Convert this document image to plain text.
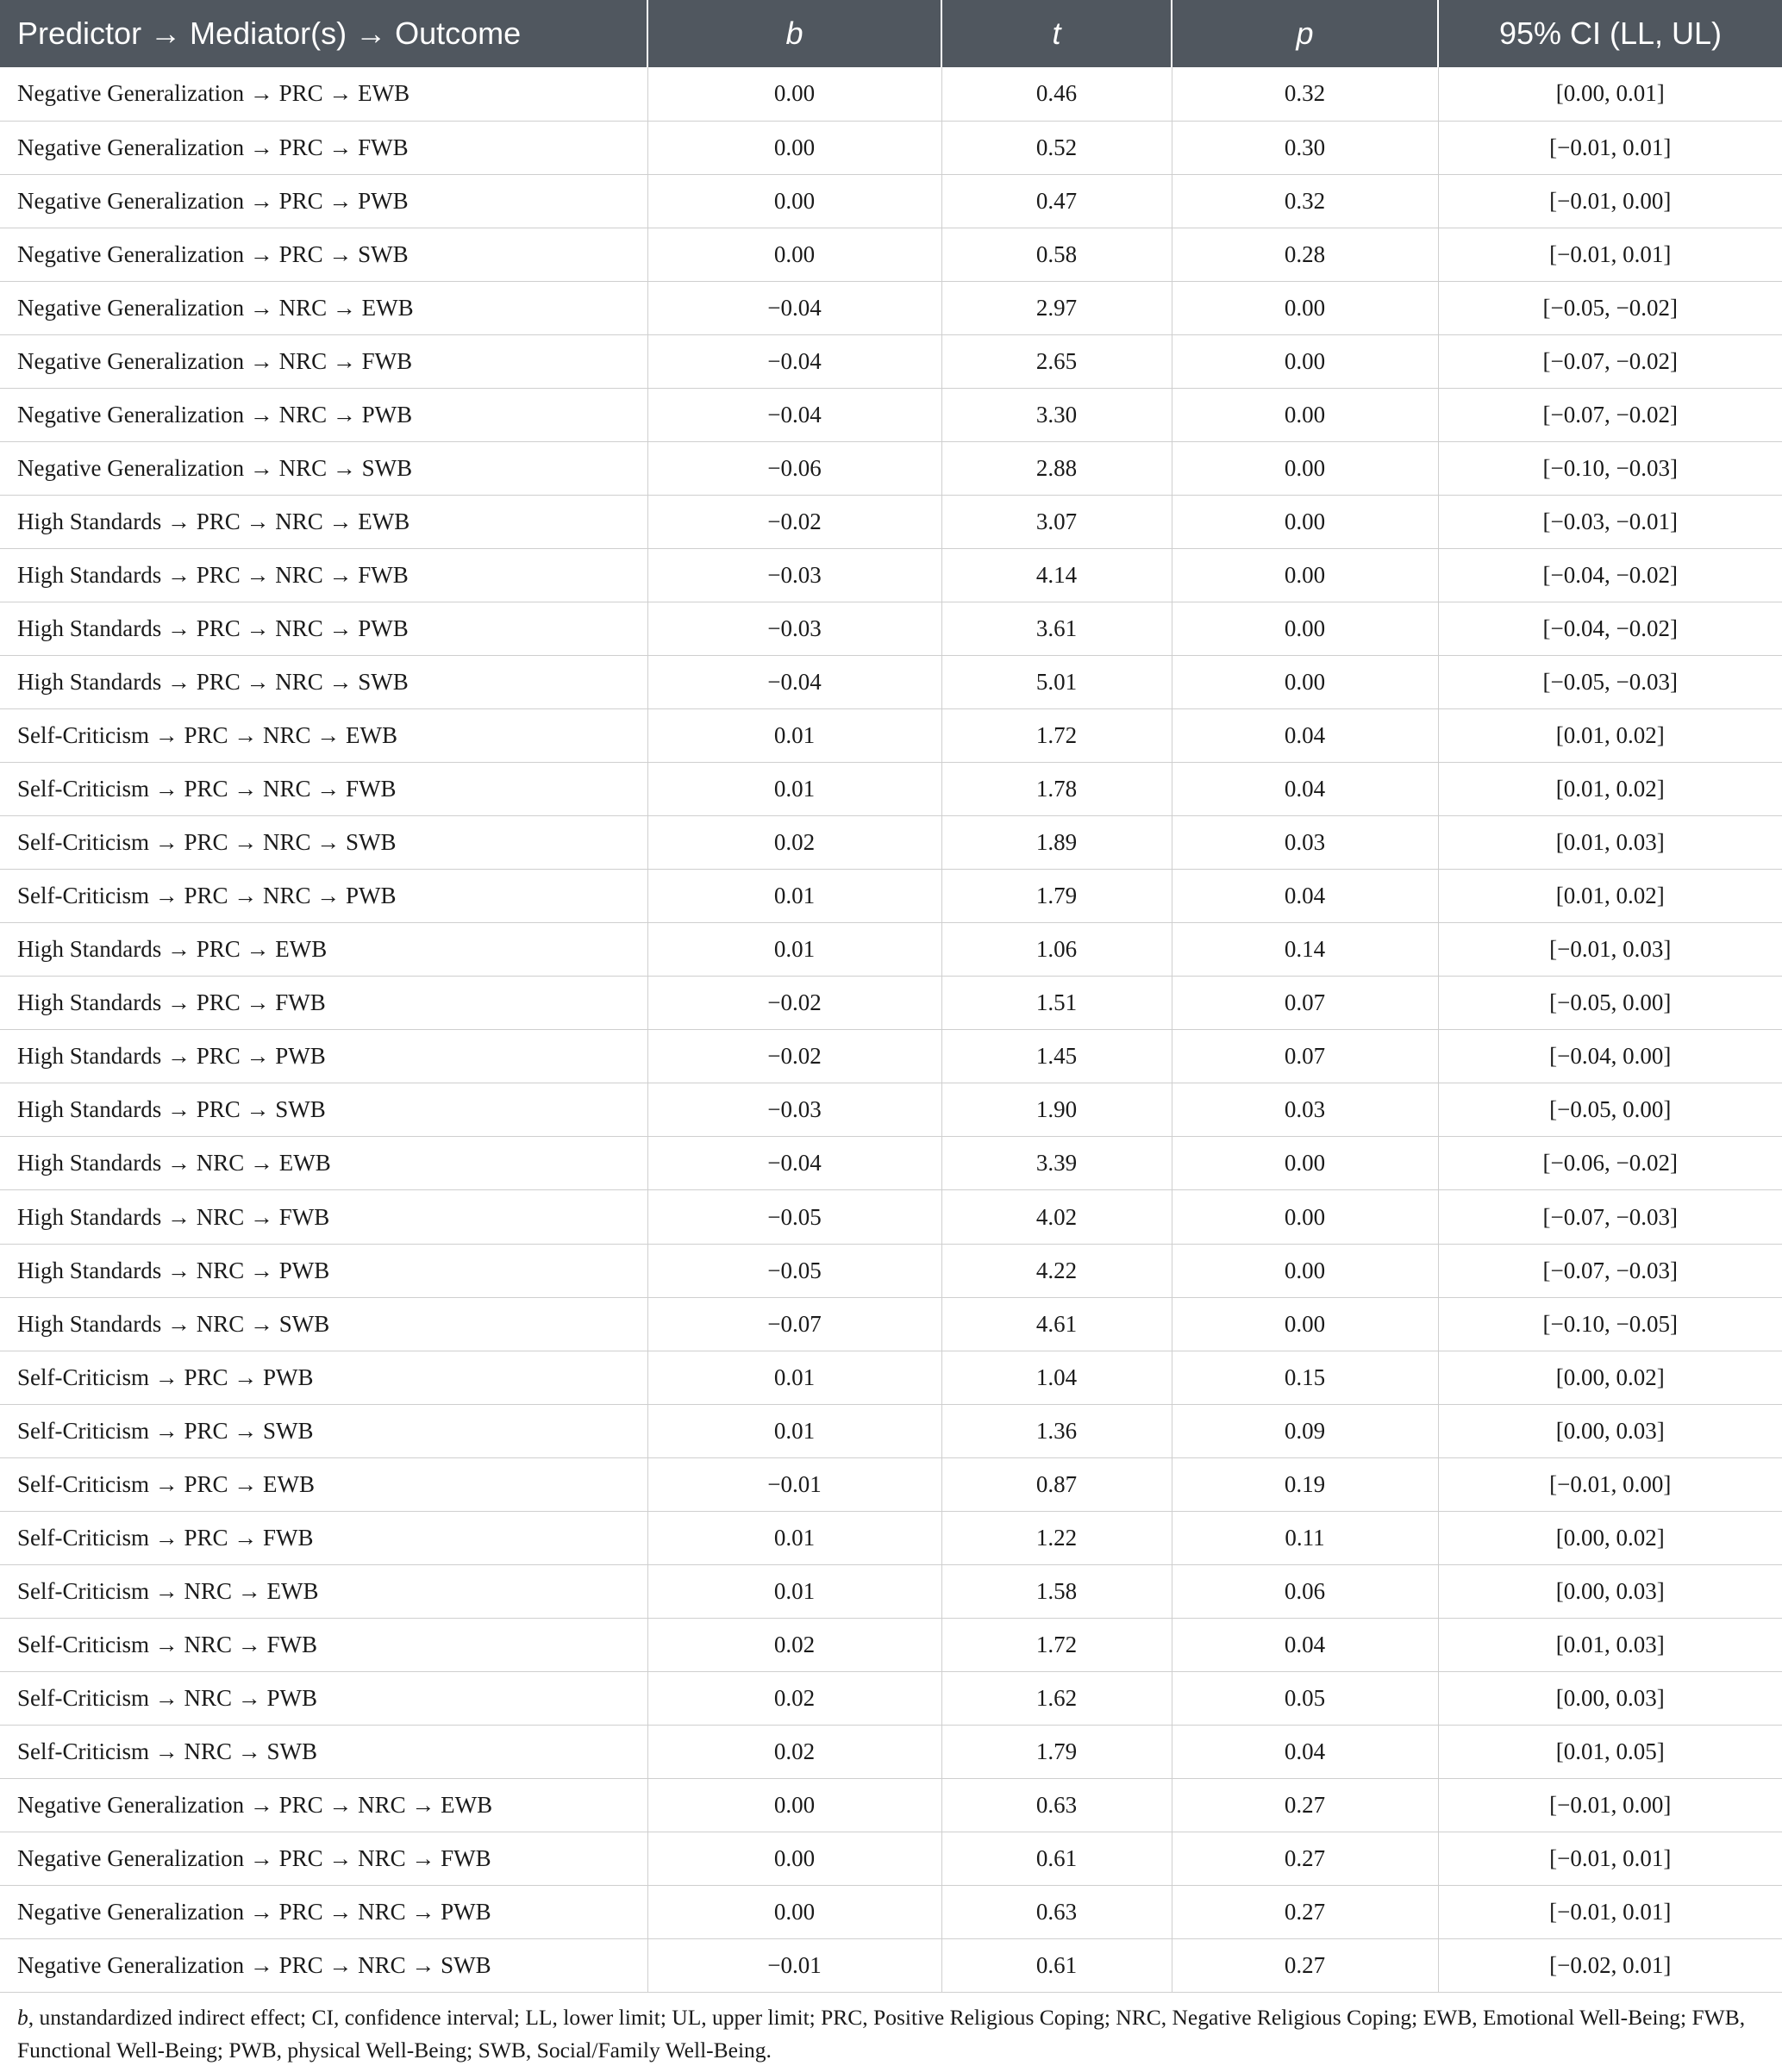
Predictor → Mediator(s) → Outcome	b	t	p	95% CI (LL, UL)
Negative Generalization → PRC → EWB	0.00	0.46	0.32	[0.00, 0.01]
Negative Generalization → PRC → FWB	0.00	0.52	0.30	[−0.01, 0.01]
Negative Generalization → PRC → PWB	0.00	0.47	0.32	[−0.01, 0.00]
Negative Generalization → PRC → SWB	0.00	0.58	0.28	[−0.01, 0.01]
Negative Generalization → NRC → EWB	−0.04	2.97	0.00	[−0.05, −0.02]
Negative Generalization → NRC → FWB	−0.04	2.65	0.00	[−0.07, −0.02]
Negative Generalization → NRC → PWB	−0.04	3.30	0.00	[−0.07, −0.02]
Negative Generalization → NRC → SWB	−0.06	2.88	0.00	[−0.10, −0.03]
High Standards → PRC → NRC → EWB	−0.02	3.07	0.00	[−0.03, −0.01]
High Standards → PRC → NRC → FWB	−0.03	4.14	0.00	[−0.04, −0.02]
High Standards → PRC → NRC → PWB	−0.03	3.61	0.00	[−0.04, −0.02]
High Standards → PRC → NRC → SWB	−0.04	5.01	0.00	[−0.05, −0.03]
Self-Criticism → PRC → NRC → EWB	0.01	1.72	0.04	[0.01, 0.02]
Self-Criticism → PRC → NRC → FWB	0.01	1.78	0.04	[0.01, 0.02]
Self-Criticism → PRC → NRC → SWB	0.02	1.89	0.03	[0.01, 0.03]
Self-Criticism → PRC → NRC → PWB	0.01	1.79	0.04	[0.01, 0.02]
High Standards → PRC → EWB	0.01	1.06	0.14	[−0.01, 0.03]
High Standards → PRC → FWB	−0.02	1.51	0.07	[−0.05, 0.00]
High Standards → PRC → PWB	−0.02	1.45	0.07	[−0.04, 0.00]
High Standards → PRC → SWB	−0.03	1.90	0.03	[−0.05, 0.00]
High Standards → NRC → EWB	−0.04	3.39	0.00	[−0.06, −0.02]
High Standards → NRC → FWB	−0.05	4.02	0.00	[−0.07, −0.03]
High Standards → NRC → PWB	−0.05	4.22	0.00	[−0.07, −0.03]
High Standards → NRC → SWB	−0.07	4.61	0.00	[−0.10, −0.05]
Self-Criticism → PRC → PWB	0.01	1.04	0.15	[0.00, 0.02]
Self-Criticism → PRC → SWB	0.01	1.36	0.09	[0.00, 0.03]
Self-Criticism → PRC → EWB	−0.01	0.87	0.19	[−0.01, 0.00]
Self-Criticism → PRC → FWB	0.01	1.22	0.11	[0.00, 0.02]
Self-Criticism → NRC → EWB	0.01	1.58	0.06	[0.00, 0.03]
Self-Criticism → NRC → FWB	0.02	1.72	0.04	[0.01, 0.03]
Self-Criticism → NRC → PWB	0.02	1.62	0.05	[0.00, 0.03]
Self-Criticism → NRC → SWB	0.02	1.79	0.04	[0.01, 0.05]
Negative Generalization → PRC → NRC → EWB	0.00	0.63	0.27	[−0.01, 0.00]
Negative Generalization → PRC → NRC → FWB	0.00	0.61	0.27	[−0.01, 0.01]
Negative Generalization → PRC → NRC → PWB	0.00	0.63	0.27	[−0.01, 0.01]
Negative Generalization → PRC → NRC → SWB	−0.01	0.61	0.27	[−0.02, 0.01]
b, unstandardized indirect effect; CI, confidence interval; LL, lower limit; UL, upper limit; PRC, Positive Religious Coping; NRC, Negative Religious Coping; EWB, Emotional Well-Being; FWB, Functional Well-Being; PWB, physical Well-Being; SWB, Social/Family Well-Being.
